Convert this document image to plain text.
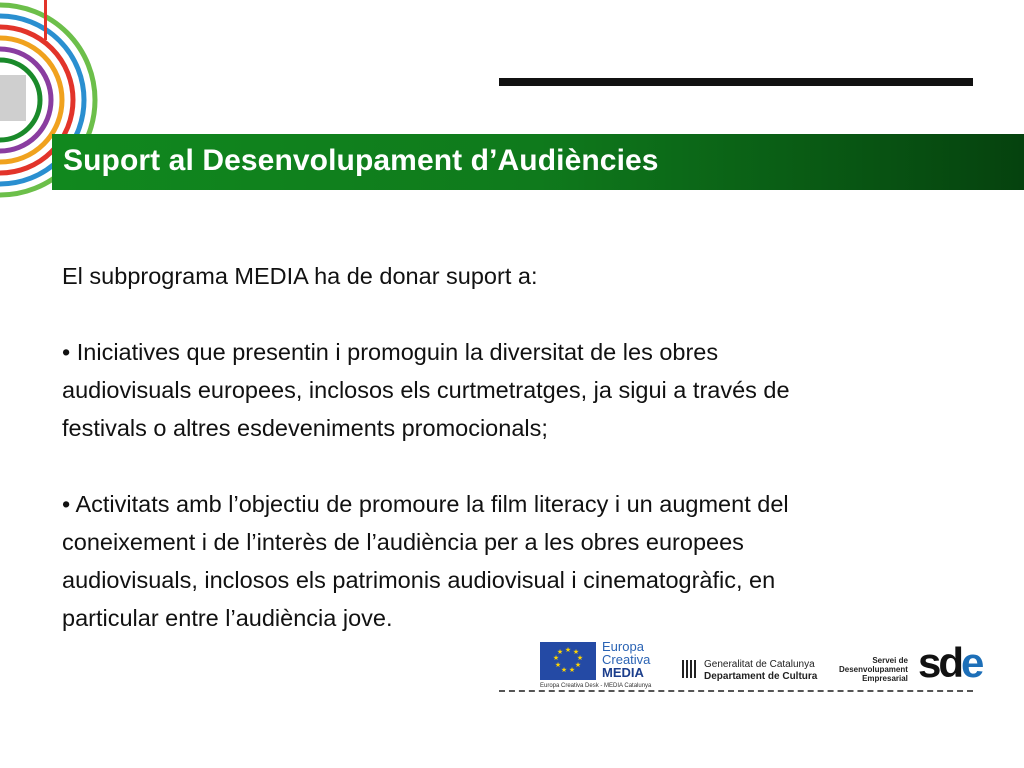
Suport al Desenvolupament d’Audiències

El subprograma MEDIA ha de donar suport a:

• Iniciatives que presentin i promoguin la diversitat de les obres

audiovisuals europees, inclosos els curtmetratges, ja sigui a través de

festivals o altres esdeveniments promocionals;

• Activitats amb l’objectiu de promoure la film literacy i un augment del

coneixement i de l’interès de l’audiència per a les obres europees

audiovisuals, inclosos els patrimonis audiovisual i cinematogràfic, en

particular entre l’audiència jove.

★ ★
★
★
★
★
★
★
★	Europa
Creativa
MEDIA
Europa Creativa Desk - MEDIA Catalunya
Generalitat de Catalunya
Departament de Cultura
Servei de
Desenvolupament
Empresarial sde
